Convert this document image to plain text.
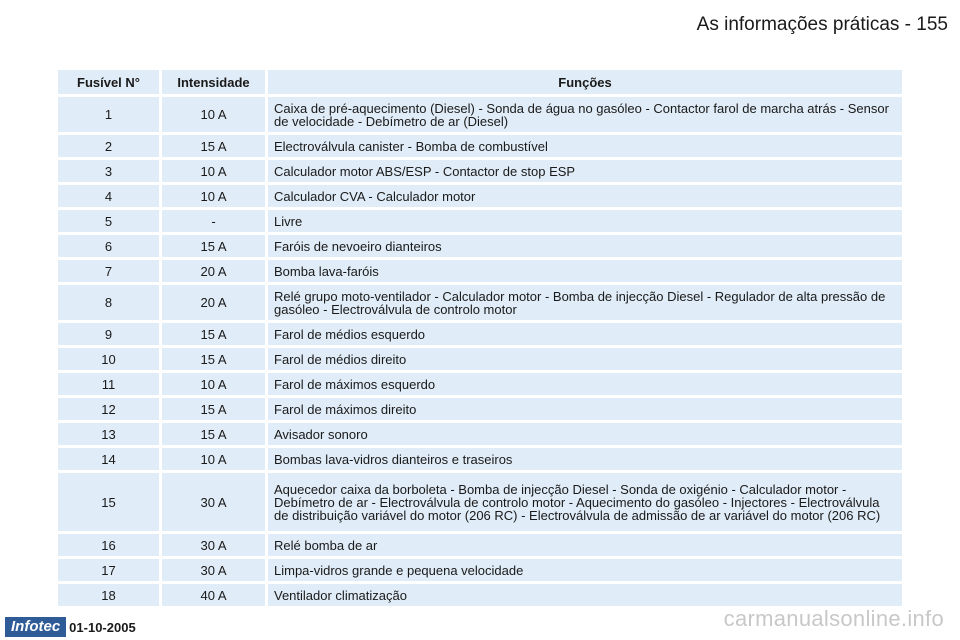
As informações práticas - 155
Fusível N°	Intensidade	Funções
1	10 A	Caixa de pré-aquecimento (Diesel) - Sonda de água no gasóleo - Contactor farol de marcha atrás - Sensor de velocidade - Debímetro de ar (Diesel)
2	15 A	Electroválvula canister - Bomba de combustível
3	10 A	Calculador motor ABS/ESP - Contactor de stop ESP
4	10 A	Calculador CVA - Calculador motor
5	-	Livre
6	15 A	Faróis de nevoeiro dianteiros
7	20 A	Bomba lava-faróis
8	20 A	Relé grupo moto-ventilador - Calculador motor - Bomba de injecção Diesel - Regulador de alta pressão de gasóleo - Electroválvula de controlo motor
9	15 A	Farol de médios esquerdo
10	15 A	Farol de médios direito
11	10 A	Farol de máximos esquerdo
12	15 A	Farol de máximos direito
13	15 A	Avisador sonoro
14	10 A	Bombas lava-vidros dianteiros e traseiros
15	30 A	Aquecedor caixa da borboleta - Bomba de injecção Diesel - Sonda de oxigénio - Calculador motor - Debímetro de ar - Electroválvula de controlo motor - Aquecimento do gasóleo - Injectores - Electroválvula de distribuição variável do motor (206 RC) - Electroválvula de admissão de ar variável do motor (206 RC)
16	30 A	Relé bomba de ar
17	30 A	Limpa-vidros grande e pequena velocidade
18	40 A	Ventilador climatização
Infotec 01-10-2005	carmanualsonline.info
